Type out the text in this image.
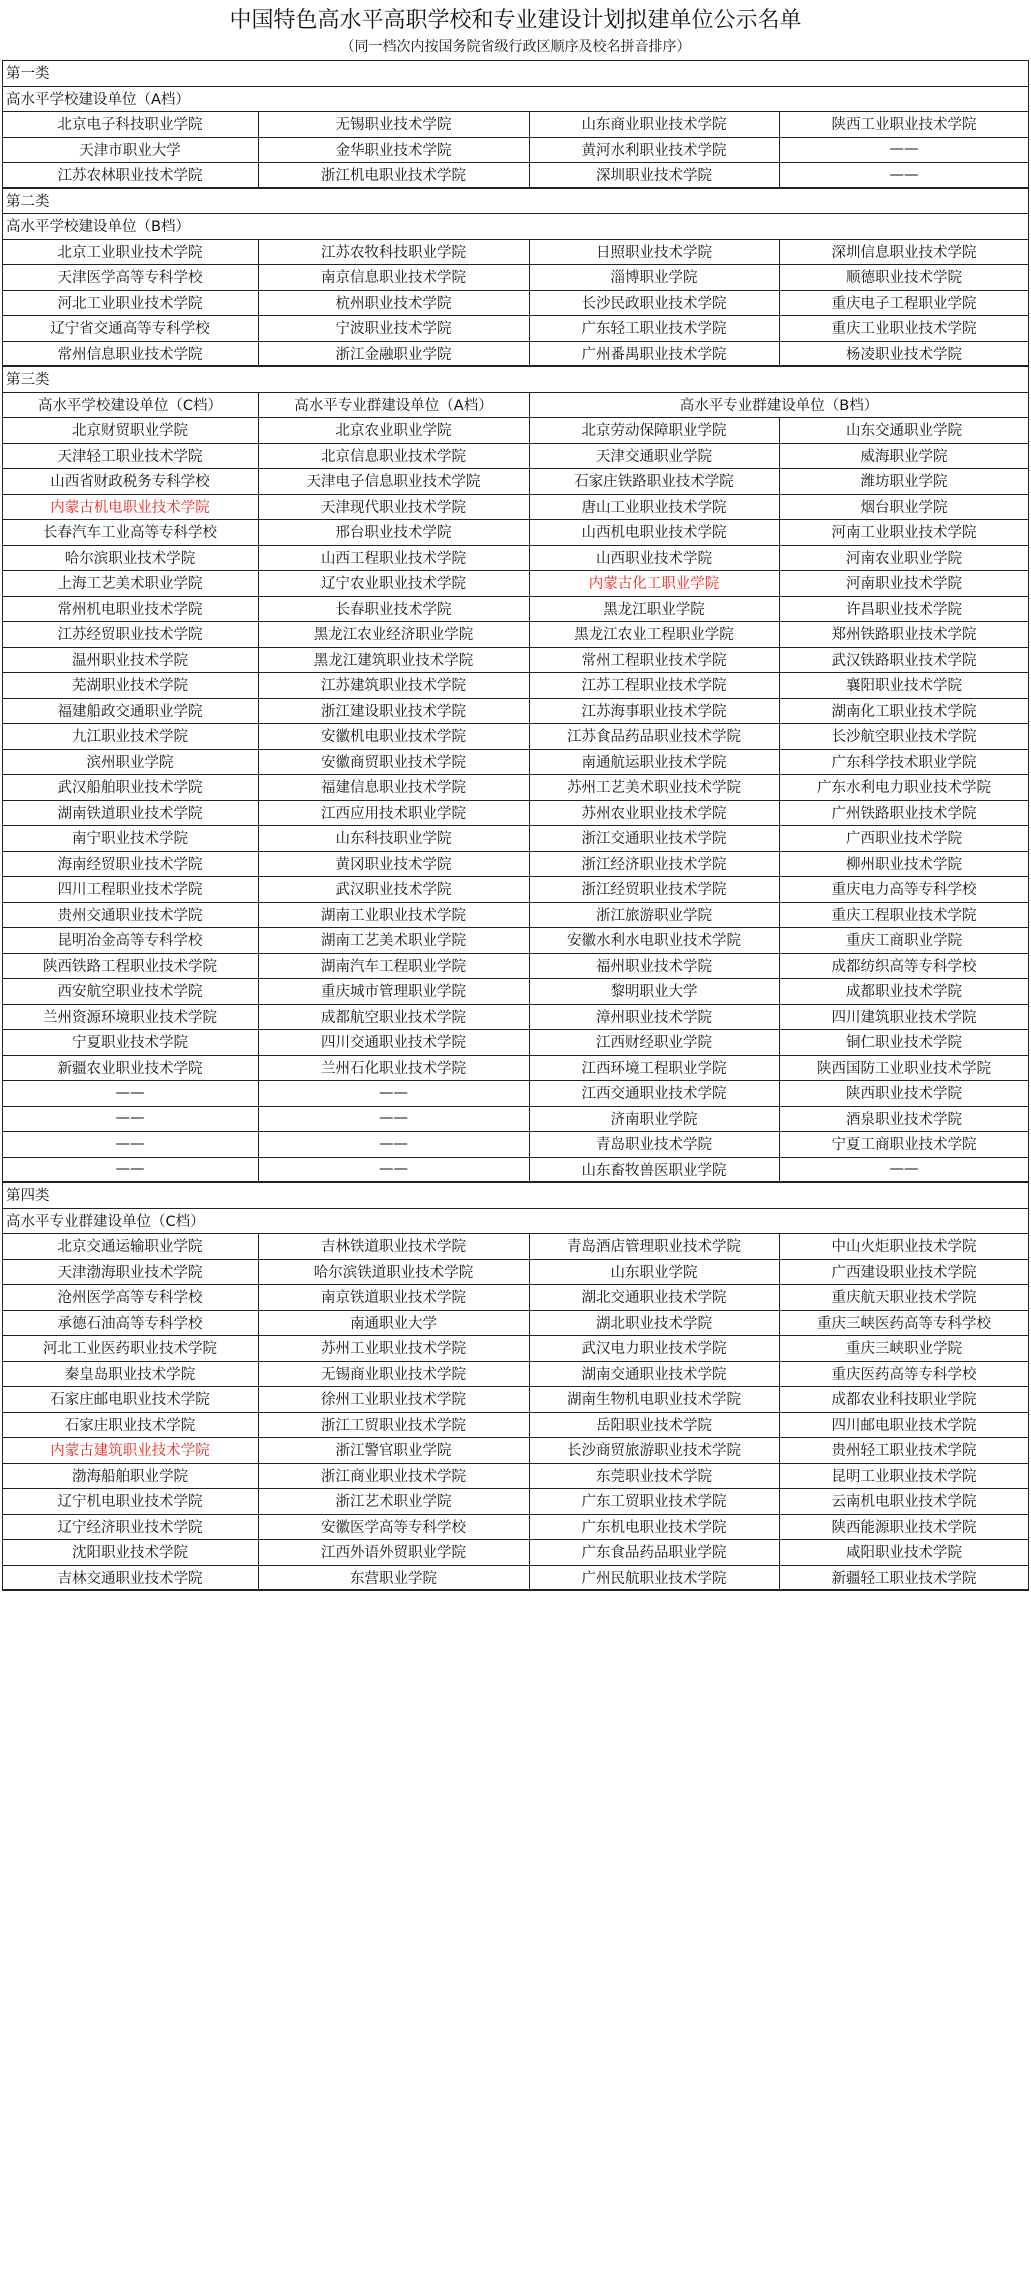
中国特色高水平高职学校和专业建设计划拟建单位公示名单
（同一档次内按国务院省级行政区顺序及校名拼音排序）
第一类
高水平学校建设单位（A档）
北京电子科技职业学院	无锡职业技术学院	山东商业职业技术学院	陕西工业职业技术学院
天津市职业大学	金华职业技术学院	黄河水利职业技术学院	——
江苏农林职业技术学院	浙江机电职业技术学院	深圳职业技术学院	——
第二类
高水平学校建设单位（B档）
北京工业职业技术学院	江苏农牧科技职业学院	日照职业技术学院	深圳信息职业技术学院
天津医学高等专科学校	南京信息职业技术学院	淄博职业学院	顺德职业技术学院
河北工业职业技术学院	杭州职业技术学院	长沙民政职业技术学院	重庆电子工程职业学院
辽宁省交通高等专科学校	宁波职业技术学院	广东轻工职业技术学院	重庆工业职业技术学院
常州信息职业技术学院	浙江金融职业学院	广州番禺职业技术学院	杨凌职业技术学院
第三类
高水平学校建设单位（C档）	高水平专业群建设单位（A档）	高水平专业群建设单位（B档）
北京财贸职业学院	北京农业职业学院	北京劳动保障职业学院	山东交通职业学院
天津轻工职业技术学院	北京信息职业技术学院	天津交通职业学院	威海职业学院
山西省财政税务专科学校	天津电子信息职业技术学院	石家庄铁路职业技术学院	潍坊职业学院
内蒙古机电职业技术学院	天津现代职业技术学院	唐山工业职业技术学院	烟台职业学院
长春汽车工业高等专科学校	邢台职业技术学院	山西机电职业技术学院	河南工业职业技术学院
哈尔滨职业技术学院	山西工程职业技术学院	山西职业技术学院	河南农业职业学院
上海工艺美术职业学院	辽宁农业职业技术学院	内蒙古化工职业学院	河南职业技术学院
常州机电职业技术学院	长春职业技术学院	黑龙江职业学院	许昌职业技术学院
江苏经贸职业技术学院	黑龙江农业经济职业学院	黑龙江农业工程职业学院	郑州铁路职业技术学院
温州职业技术学院	黑龙江建筑职业技术学院	常州工程职业技术学院	武汉铁路职业技术学院
芜湖职业技术学院	江苏建筑职业技术学院	江苏工程职业技术学院	襄阳职业技术学院
福建船政交通职业学院	浙江建设职业技术学院	江苏海事职业技术学院	湖南化工职业技术学院
九江职业技术学院	安徽机电职业技术学院	江苏食品药品职业技术学院	长沙航空职业技术学院
滨州职业学院	安徽商贸职业技术学院	南通航运职业技术学院	广东科学技术职业学院
武汉船舶职业技术学院	福建信息职业技术学院	苏州工艺美术职业技术学院	广东水利电力职业技术学院
湖南铁道职业技术学院	江西应用技术职业学院	苏州农业职业技术学院	广州铁路职业技术学院
南宁职业技术学院	山东科技职业学院	浙江交通职业技术学院	广西职业技术学院
海南经贸职业技术学院	黄冈职业技术学院	浙江经济职业技术学院	柳州职业技术学院
四川工程职业技术学院	武汉职业技术学院	浙江经贸职业技术学院	重庆电力高等专科学校
贵州交通职业技术学院	湖南工业职业技术学院	浙江旅游职业学院	重庆工程职业技术学院
昆明冶金高等专科学校	湖南工艺美术职业学院	安徽水利水电职业技术学院	重庆工商职业学院
陕西铁路工程职业技术学院	湖南汽车工程职业学院	福州职业技术学院	成都纺织高等专科学校
西安航空职业技术学院	重庆城市管理职业学院	黎明职业大学	成都职业技术学院
兰州资源环境职业技术学院	成都航空职业技术学院	漳州职业技术学院	四川建筑职业技术学院
宁夏职业技术学院	四川交通职业技术学院	江西财经职业学院	铜仁职业技术学院
新疆农业职业技术学院	兰州石化职业技术学院	江西环境工程职业学院	陕西国防工业职业技术学院
——	——	江西交通职业技术学院	陕西职业技术学院
——	——	济南职业学院	酒泉职业技术学院
——	——	青岛职业技术学院	宁夏工商职业技术学院
——	——	山东畜牧兽医职业学院	——
第四类
高水平专业群建设单位（C档）
北京交通运输职业学院	吉林铁道职业技术学院	青岛酒店管理职业技术学院	中山火炬职业技术学院
天津渤海职业技术学院	哈尔滨铁道职业技术学院	山东职业学院	广西建设职业技术学院
沧州医学高等专科学校	南京铁道职业技术学院	湖北交通职业技术学院	重庆航天职业技术学院
承德石油高等专科学校	南通职业大学	湖北职业技术学院	重庆三峡医药高等专科学校
河北工业医药职业技术学院	苏州工业职业技术学院	武汉电力职业技术学院	重庆三峡职业学院
秦皇岛职业技术学院	无锡商业职业技术学院	湖南交通职业技术学院	重庆医药高等专科学校
石家庄邮电职业技术学院	徐州工业职业技术学院	湖南生物机电职业技术学院	成都农业科技职业学院
石家庄职业技术学院	浙江工贸职业技术学院	岳阳职业技术学院	四川邮电职业技术学院
内蒙古建筑职业技术学院	浙江警官职业学院	长沙商贸旅游职业技术学院	贵州轻工职业技术学院
渤海船舶职业学院	浙江商业职业技术学院	东莞职业技术学院	昆明工业职业技术学院
辽宁机电职业技术学院	浙江艺术职业学院	广东工贸职业技术学院	云南机电职业技术学院
辽宁经济职业技术学院	安徽医学高等专科学校	广东机电职业技术学院	陕西能源职业技术学院
沈阳职业技术学院	江西外语外贸职业学院	广东食品药品职业学院	咸阳职业技术学院
吉林交通职业技术学院	东营职业学院	广州民航职业技术学院	新疆轻工职业技术学院
